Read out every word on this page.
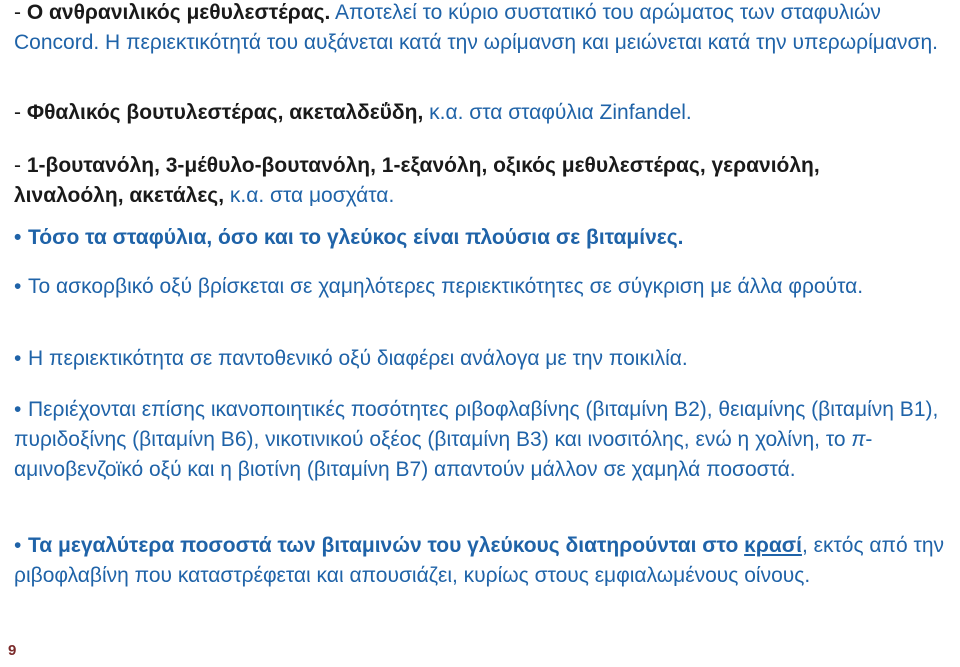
- Ο ανθρανιλικός μεθυλεστέρας. Αποτελεί το κύριο συστατικό του αρώματος των σταφυλιών Concord. Η περιεκτικότητά του αυξάνεται κατά την ωρίμανση και μειώνεται κατά την υπερωρίμανση.
- Φθαλικός βουτυλεστέρας, ακεταλδεΰδη, κ.α. στα σταφύλια Zinfandel.
- 1-βουτανόλη, 3-μέθυλο-βουτανόλη, 1-εξανόλη, οξικός μεθυλεστέρας, γερανιόλη, λιναλοόλη, ακετάλες, κ.α. στα μοσχάτα.
• Τόσο τα σταφύλια, όσο και το γλεύκος είναι πλούσια σε βιταμίνες.
• Το ασκορβικό οξύ βρίσκεται σε χαμηλότερες περιεκτικότητες σε σύγκριση με άλλα φρούτα.
• Η περιεκτικότητα σε παντοθενικό οξύ διαφέρει ανάλογα με την ποικιλία.
• Περιέχονται επίσης ικανοποιητικές ποσότητες ριβοφλαβίνης (βιταμίνη Β2), θειαμίνης (βιταμίνη Β1), πυριδοξίνης (βιταμίνη Β6), νικοτινικού οξέος (βιταμίνη Β3) και ινοσιτόλης, ενώ η χολίνη, το π-αμινοβενζοϊκό οξύ και η βιοτίνη (βιταμίνη Β7) απαντούν μάλλον σε χαμηλά ποσοστά.
• Τα μεγαλύτερα ποσοστά των βιταμινών του γλεύκους διατηρούνται στο κρασί, εκτός από την ριβοφλαβίνη που καταστρέφεται και απουσιάζει, κυρίως στους εμφιαλωμένους οίνους.
9
